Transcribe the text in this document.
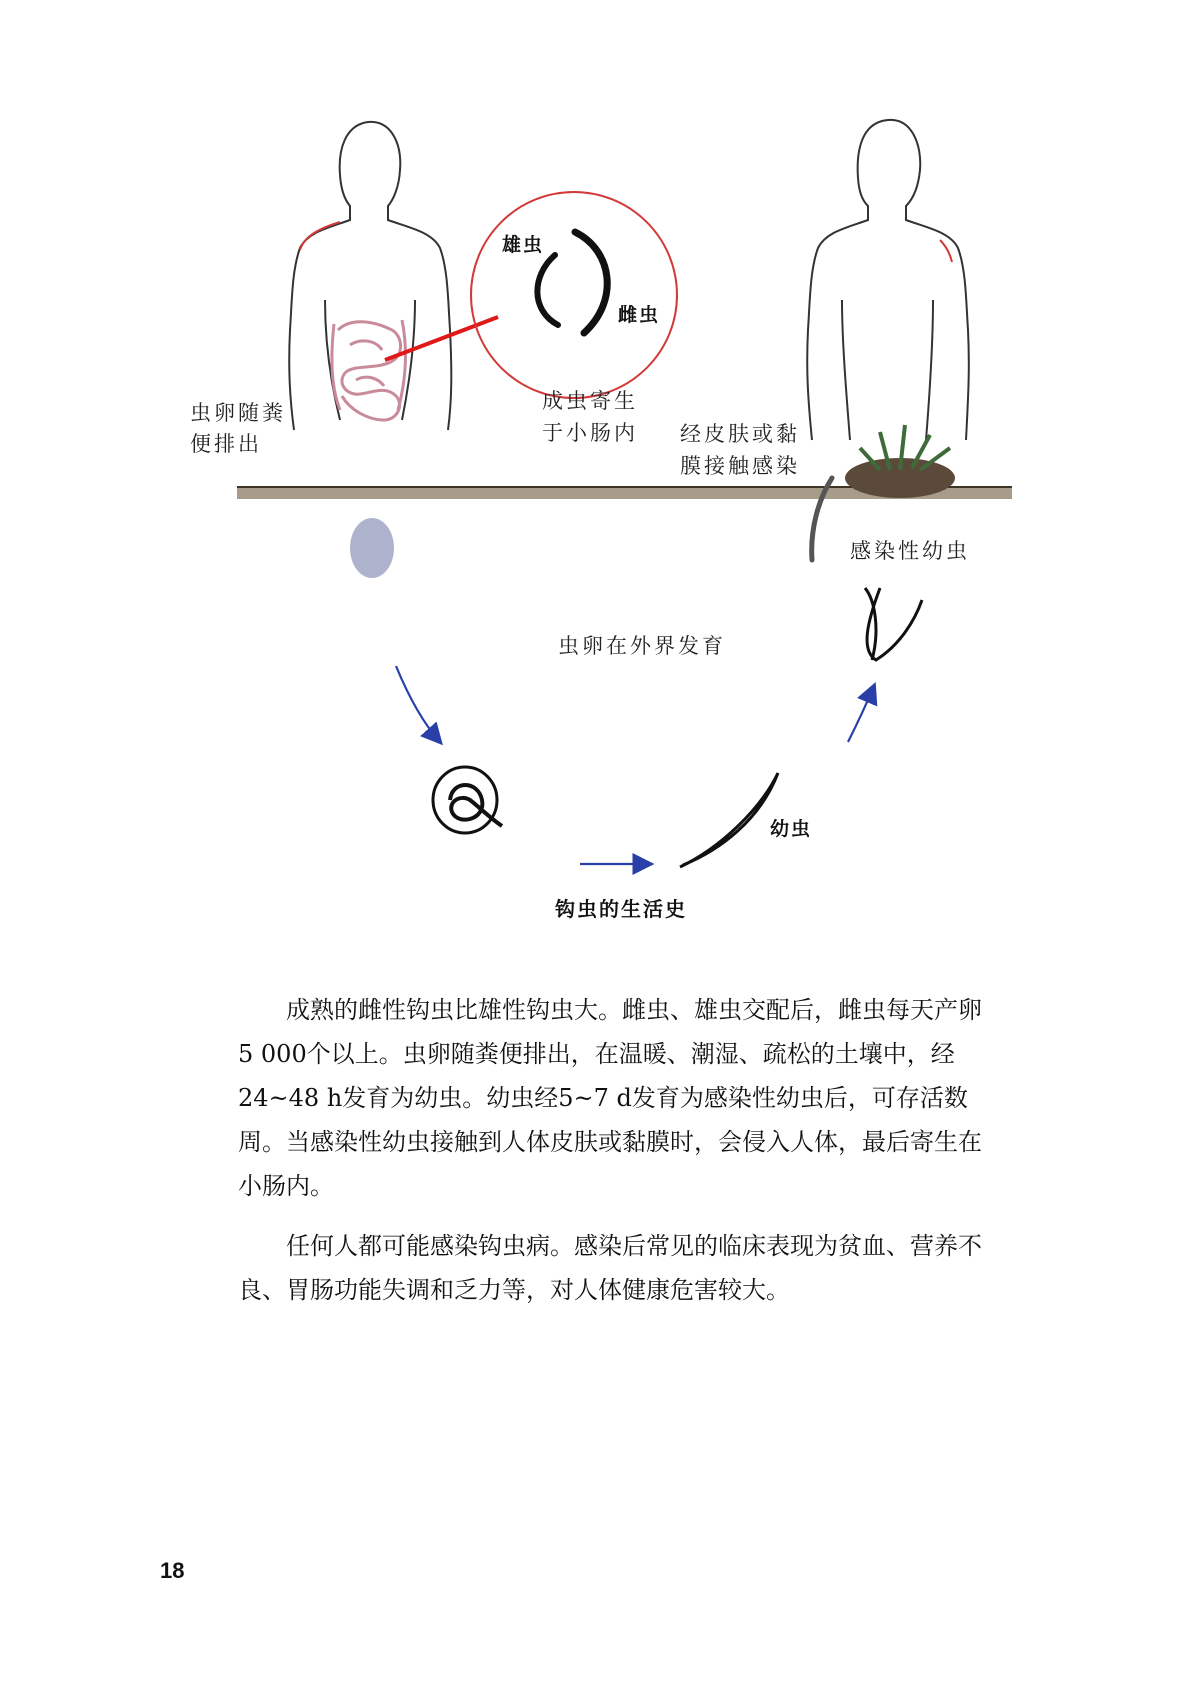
虫卵随粪
便排出
雄虫
雌虫
成虫寄生
于小肠内 经皮肤或黏
膜接触感染
感染性幼虫
虫卵在外界发育
幼虫
钩虫的生活史

成熟的雌性钩虫比雄性钩虫大。雌虫、雄虫交配后，雌虫每天产卵5 000个以上。虫卵随粪便排出，在温暖、潮湿、疏松的土壤中，经24~48 h发育为幼虫。幼虫经5~7 d发育为感染性幼虫后，可存活数周。当感染性幼虫接触到人体皮肤或黏膜时，会侵入人体，最后寄生在小肠内。

任何人都可能感染钩虫病。感染后常见的临床表现为贫血、营养不良、胃肠功能失调和乏力等，对人体健康危害较大。

18
